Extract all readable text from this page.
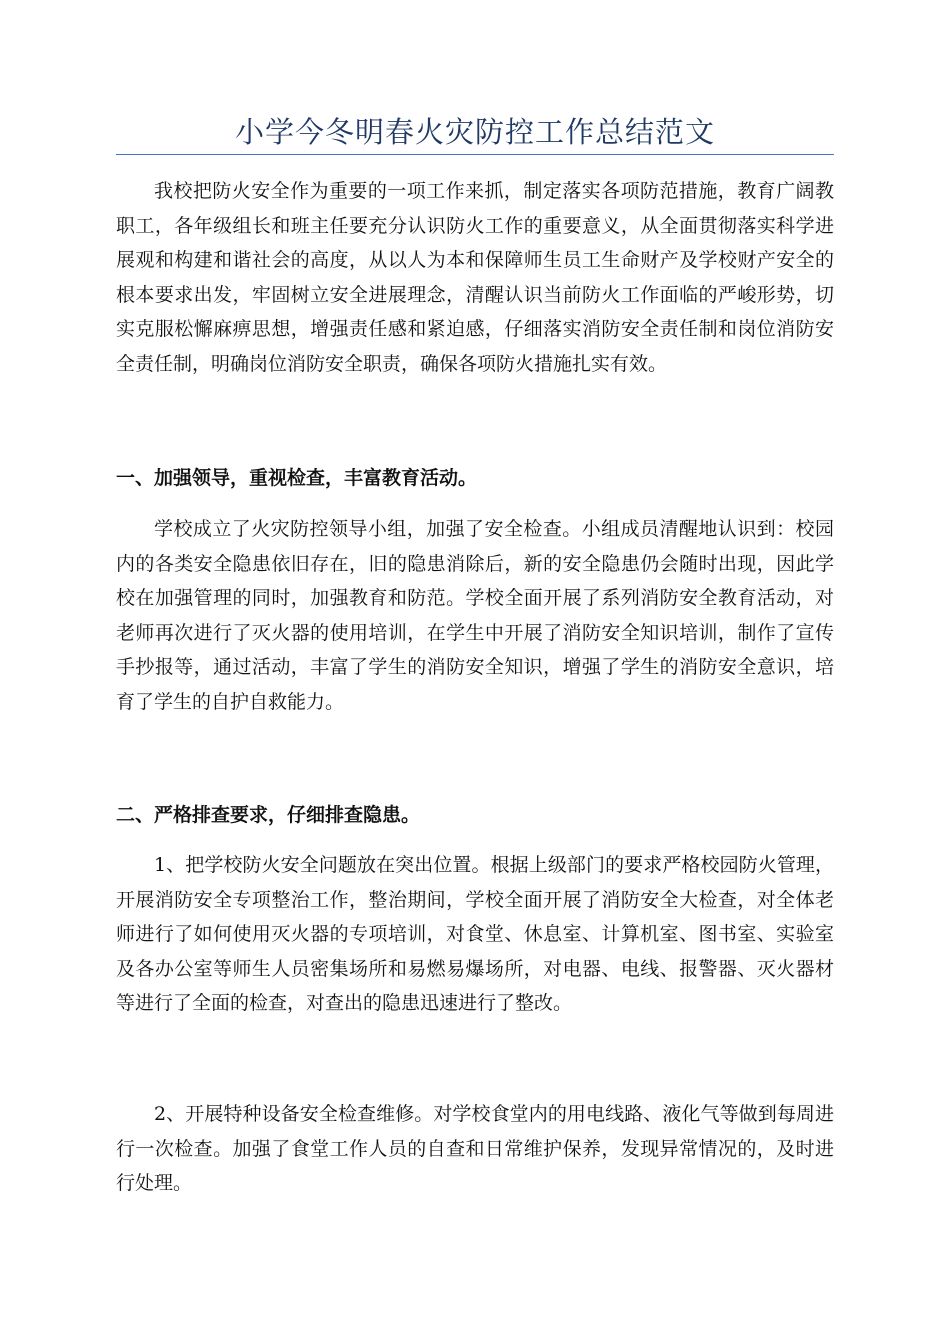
小学今冬明春火灾防控工作总结范文

我校把防火安全作为重要的一项工作来抓，制定落实各项防范措施，教育广阔教职工，各年级组长和班主任要充分认识防火工作的重要意义，从全面贯彻落实科学进展观和构建和谐社会的高度，从以人为本和保障师生员工生命财产及学校财产安全的根本要求出发，牢固树立安全进展理念，清醒认识当前防火工作面临的严峻形势，切实克服松懈麻痹思想，增强责任感和紧迫感，仔细落实消防安全责任制和岗位消防安全责任制，明确岗位消防安全职责，确保各项防火措施扎实有效。

一、加强领导，重视检查，丰富教育活动。

学校成立了火灾防控领导小组，加强了安全检查。小组成员清醒地认识到：校园内的各类安全隐患依旧存在，旧的隐患消除后，新的安全隐患仍会随时出现，因此学校在加强管理的同时，加强教育和防范。学校全面开展了系列消防安全教育活动，对老师再次进行了灭火器的使用培训，在学生中开展了消防安全知识培训，制作了宣传手抄报等，通过活动，丰富了学生的消防安全知识，增强了学生的消防安全意识，培育了学生的自护自救能力。

二、严格排查要求，仔细排查隐患。

1、把学校防火安全问题放在突出位置。根据上级部门的要求严格校园防火管理，开展消防安全专项整治工作，整治期间，学校全面开展了消防安全大检查，对全体老师进行了如何使用灭火器的专项培训，对食堂、休息室、计算机室、图书室、实验室及各办公室等师生人员密集场所和易燃易爆场所，对电器、电线、报警器、灭火器材等进行了全面的检查，对查出的隐患迅速进行了整改。

2、开展特种设备安全检查维修。对学校食堂内的用电线路、液化气等做到每周进行一次检查。加强了食堂工作人员的自查和日常维护保养，发现异常情况的，及时进行处理。
